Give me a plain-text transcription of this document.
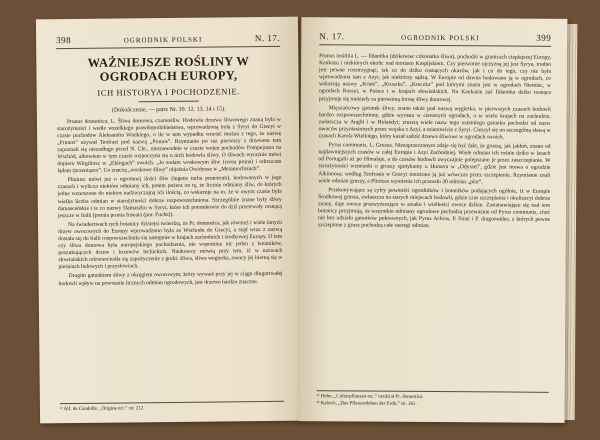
398	OGRODNIK POLSKI	N. 17.
WAŻNIEJSZE ROŚLINY W OGRODACH EUROPY,
ICH HISTORYA I POCHODZENIE.
(Dokończenie, — patrz Nr. 10. 12. 13. 14 i 15).

Prunus domestica, L. Śliwa domowa, czarnośliw. Hodowla drzewa śliwowego znaną była w starożytności i wedle wszelkiego prawdopodobieństwa, wprowadzoną była z Syryi do Grecyi w czasie pochodów Aleksandra Wielkiego, o ile w tem wypadku wnosić można z tego, że nazwę „Prunos” używał Teofrast pod nazwą „Prunos”. Rzymianie po raz pierwszy z drzewem tem zapoznali się niezadługo przed N. Chr., nieznawodnie w czasie wojen pochodów Pompejusza na Wschód, albowiem w tym czasie rozpoczyna się u nich hodowla śliwy. O śliwach wyraźnie mówi dopiero Wirgiliusz w „Eklogach” swoich. „Jo sodam woskowym śliw (cerea pruna) i odrzucam lądem (przeniąszo”. Co znaczą „woskowe śliwy” objaśnia Owidyusz w „Metamorfozach”.

Pliniusz mówi już o ogromnej ilości śliw (ingens turba prunorum), hodowanych w jego czasach i wylicza niektóre odmiany ich, potem pożera on tę, że licznie odmiany śliw, do których jedne wznoszone do niebios nadzwyczajną ich ilością, co wskazuje na to, że w owym czasie była wielka liczba odmian w starożytności dobrze rozpowszechniona. Szczególnie znane były śliwy damasceńskie i te co nazwy Damaszku w Syryi, które ich potomkowie do dziś przetrwały rosnącą jeszcze w Italii (pronia pronia fuseata (por. Fuchs)).

Na świadectwach tych botanicy dzisiejsi twierdzą, że Pr. domestica, jak również i wiele innych drzew owocowych do Europy wprowadzono była ze Wschodu do Grecyi, a stąd wraz z nazwą dostała się do Italii rozpowszechniła się następnie w krajach zachodnich i środkowej Europy. O tem czy śliwa domowa była europejskiego pochodzenia, nie wspomina nic jeden z botaników, poszukujących drzew i krzewów lechickich. Naukowcy mówią przy tem, iż w nazwach słowiańskich odzwierciedla się zapożyczenie z greki: śliwa, śliwa wegierka, owocy jej bierną się w pieśniach ludowych i przysłowiach.

Drugim gatunkiem śliwy z okręgiem owocowym, który wywarł przy jej w ciągu długotrwałej hodowli wpływ na powstanie licznych odmian ogrodowych, jest drzewo hardzo znaczne.

¹⁾ Alf. de Candolle, „Origine etc.” str. 212.
N. 17.	OGRODNIK POLSKI	399

Prunus insititia L. — Ildanitka (dzikowiec czkonatka śliwa), pochodzi w granicach cieplejszej Europy, Kaukazu i niektórych okolic nad morzem Kaspijskiem. Czy pierwotne ojczyzną jej jest Syrya, trudno jest pewne rozstrzygnąć, tak co do dziko rosnących okazów, jak i co do tego, czy nie była wprowadzona tam z Azyi, jak niektórzy sądzą. W Europie od dawna hodowano ją w ogrodach, co wskazują nazwy „Kriek”, „Kruszka”, „Kreczka” pod którymi znana jest w ogrodach Niemiec, w ogrodach Rossyi, w Polsce i w krajach słowiańskich. Na Kaukazie zaś Ildanitka dziko rosnąca przyjmuje się niekiedy za pierwotną formę śliwy domowej.

Mięszańcowy gatunek śliwy, znane także pod nazwą węgierka, w pierwszych czasach hodowli bardzo rozpowszechniony, gdzie wyrasta w cienistych ogrodach, a w wielu krajach na zachodzie, zwłaszcza w Anglii i w Holandyi; zresztą wiele nazw tego ostatniego gatunku pochodzi od nazw owoców przyniesionych przez wojska z Azyi, a mianowicie z Syryi. Cieszył się on szczególną sławą w czasach Karola Wielkiego, który kazał sadzić drzewa śliwowe w ogrodach swoich.

Pyrus communis, L. Grusza. Niezaprzeczonym zdaje się być fakt, że gruszę, jak jabłoń, znano od najdawniejszych czasów w całej Europie i Azyi Zachodniej. Wiele odmian ich rośnie dziko w lasach od Portugalii aż po Himalaje, a do czasów hodowli zwyczajnie polepszano je przez zaszczepianie. W starożytności wzmianki o gruszy spotykamy u Homera w „Odyssei”, gdzie jest mowa o ogrodzie Alkinoosa; według Teofrasta w Grecyi mnożono ją już wówczas przez szczepienie. Rzymianie znali wiele odmian gruszy, a Pliniusz wymienia ich przeszło 30 odmian „pira”.

Przekonywające są cyfry pewności ogrodników i botaników podających ogólnie, iż w Europie Środkowej grusza, zwłaszcza na starych miejscach hodowli, gdzie czas szczepienia i okulizacyi dobrze znany, daje owoce przewyższające w smaku i wielkości owoce dzikie. Zastanawiające się nad tem botanicy przyjmują, że wszystkie odmiany ogrodowe pochodzą przeważnie od Pyrus communis, choć nie bez udziału gatunków pokrewnych, jak Pyrus Achras, P. Sinai i P. dragonoides, z których pewne szczepione z grusz pochodzą całe szeregi odmian.

¹⁾ Hehn, „Culturpflanzen etc.” rozdział Pr. domestica.
²⁾ Kahsch, „Das Pflanzenleben der Erde,” str. 361.
